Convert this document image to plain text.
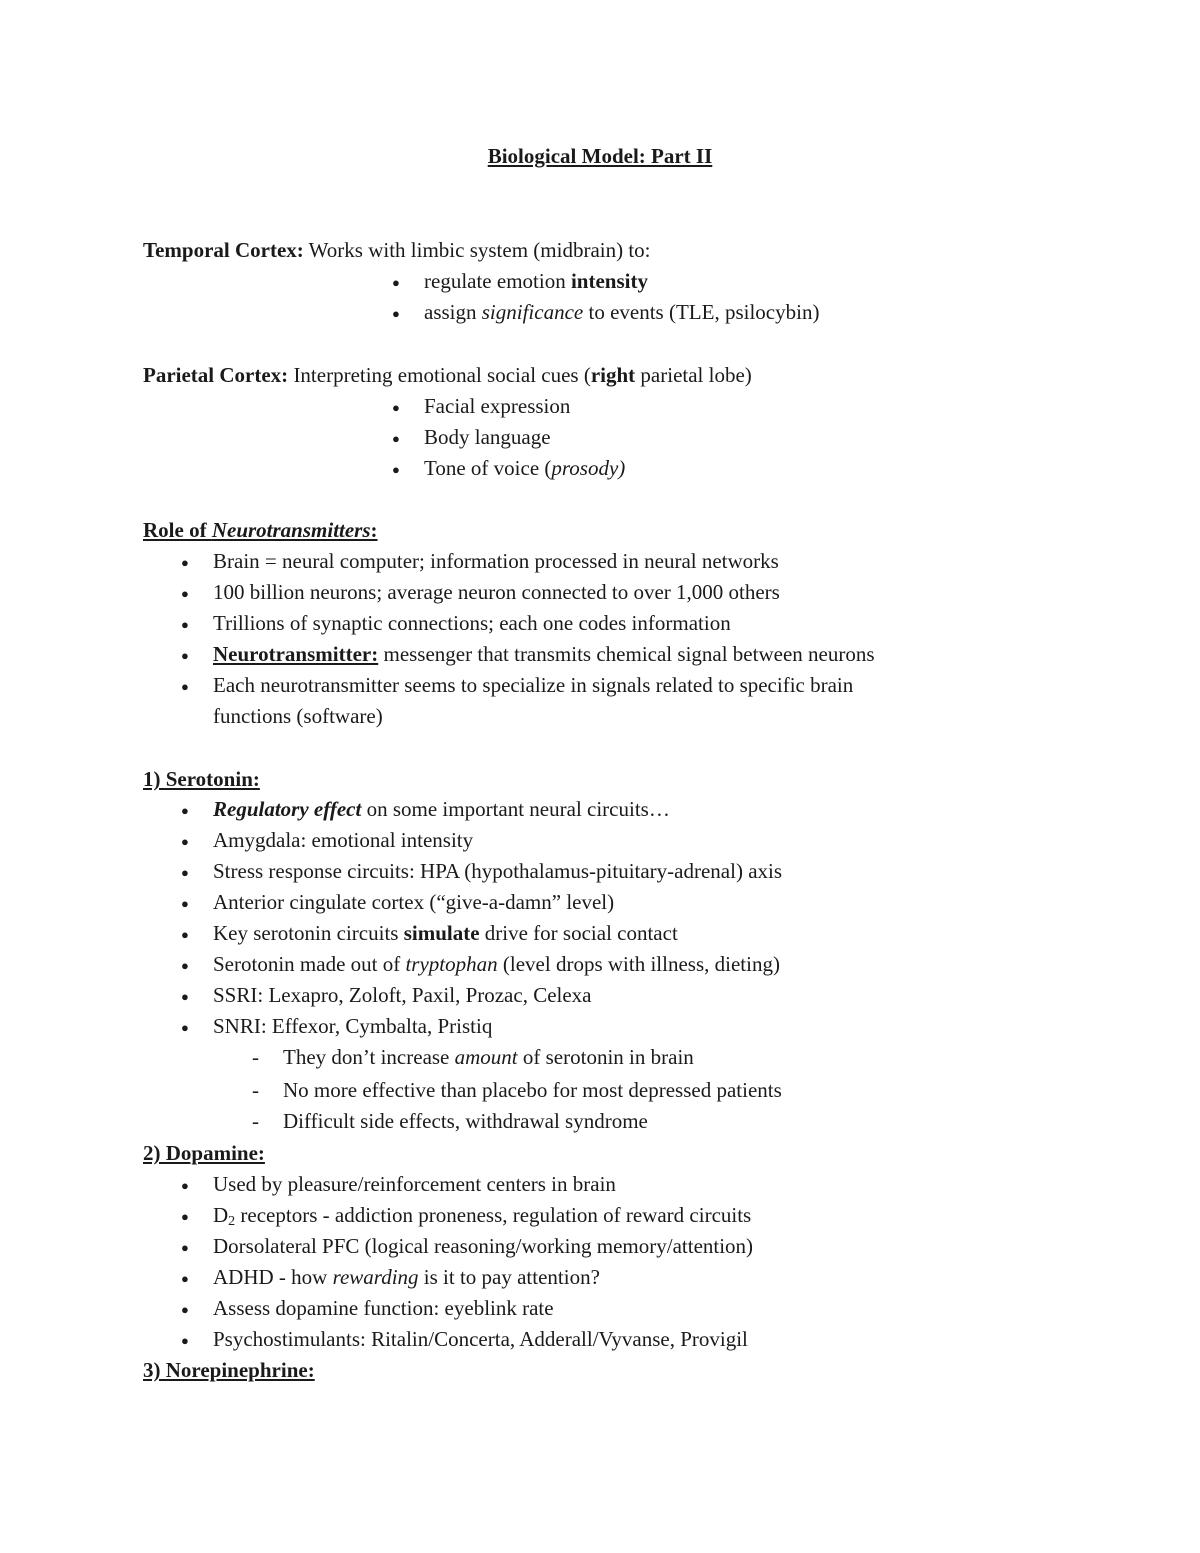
Biological Model: Part II
Temporal Cortex: Works with limbic system (midbrain) to:
● regulate emotion intensity
● assign significance to events (TLE, psilocybin)
Parietal Cortex: Interpreting emotional social cues (right parietal lobe)
● Facial expression
● Body language
● Tone of voice (prosody)
Role of Neurotransmitters:
● Brain = neural computer; information processed in neural networks
● 100 billion neurons; average neuron connected to over 1,000 others
● Trillions of synaptic connections; each one codes information
● Neurotransmitter: messenger that transmits chemical signal between neurons
● Each neurotransmitter seems to specialize in signals related to specific brain
functions (software)
1) Serotonin:
● Regulatory effect on some important neural circuits…
● Amygdala: emotional intensity
● Stress response circuits: HPA (hypothalamus-pituitary-adrenal) axis
● Anterior cingulate cortex (“give-a-damn” level)
● Key serotonin circuits simulate drive for social contact
● Serotonin made out of tryptophan (level drops with illness, dieting)
● SSRI: Lexapro, Zoloft, Paxil, Prozac, Celexa
● SNRI: Effexor, Cymbalta, Pristiq
- They don’t increase amount of serotonin in brain
- No more effective than placebo for most depressed patients
- Difficult side effects, withdrawal syndrome
2) Dopamine:
● Used by pleasure/reinforcement centers in brain
● $D_2$ receptors - addiction proneness, regulation of reward circuits
● Dorsolateral PFC (logical reasoning/working memory/attention)
● ADHD - how rewarding is it to pay attention?
● Assess dopamine function: eyeblink rate
● Psychostimulants: Ritalin/Concerta, Adderall/Vyvanse, Provigil
3) Norepinephrine:
